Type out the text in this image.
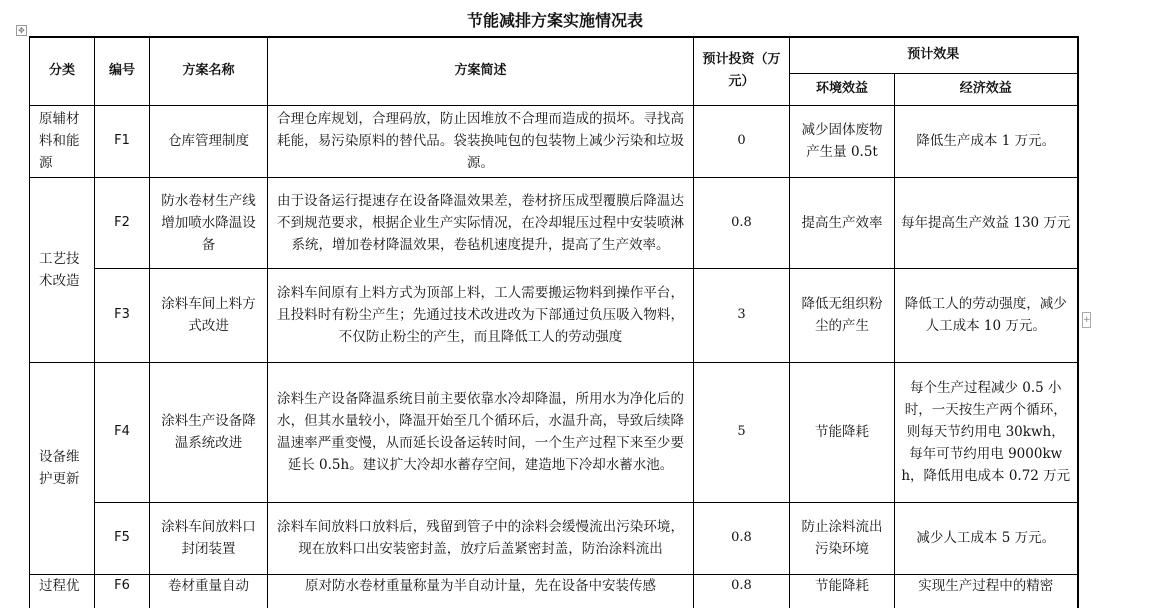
节能减排方案实施情况表
✥
+
分类	编号	方案名称	方案简述	预计投资（万元）	预计效果	
					环境效益	经济效益
原辅材料和能源	F1	仓库管理制度	合理仓库规划，合理码放，防止因堆放不合理而造成的损坏。寻找高耗能，易污染原料的替代品。袋装换吨包的包装物上减少污染和垃圾源。	0	减少固体废物产生量 0.5t	降低生产成本 1 万元。
工艺技术改造	F2	防水卷材生产线增加喷水降温设备	由于设备运行提速存在设备降温效果差，卷材挤压成型覆膜后降温达不到规范要求，根据企业生产实际情况，在冷却辊压过程中安装喷淋系统，增加卷材降温效果，卷毡机速度提升，提高了生产效率。	0.8	提高生产效率	每年提高生产效益 130 万元
	F3	涂料车间上料方式改进	涂料车间原有上料方式为顶部上料，工人需要搬运物料到操作平台，且投料时有粉尘产生；先通过技术改进改为下部通过负压吸入物料，不仅防止粉尘的产生，而且降低工人的劳动强度	3	降低无组织粉尘的产生	降低工人的劳动强度，减少人工成本 10 万元。
设备维护更新	F4	涂料生产设备降温系统改进	涂料生产设备降温系统目前主要依靠水冷却降温，所用水为净化后的水，但其水量较小，降温开始至几个循环后，水温升高，导致后续降温速率严重变慢，从而延长设备运转时间，一个生产过程下来至少要延长 0.5h。建议扩大冷却水蓄存空间，建造地下冷却水蓄水池。	5	节能降耗	每个生产过程减少 0.5 小时，一天按生产两个循环，则每天节约用电 30kwh，每年可节约用电 9000kwh，降低用电成本 0.72 万元
	F5	涂料车间放料口封闭装置	涂料车间放料口放料后，残留到管子中的涂料会缓慢流出污染环境，现在放料口出安装密封盖，放疗后盖紧密封盖，防治涂料流出	0.8	防止涂料流出污染环境	减少人工成本 5 万元。
过程优	F6	卷材重量自动	原对防水卷材重量称量为半自动计量，先在设备中安装传感	0.8	节能降耗	实现生产过程中的精密
